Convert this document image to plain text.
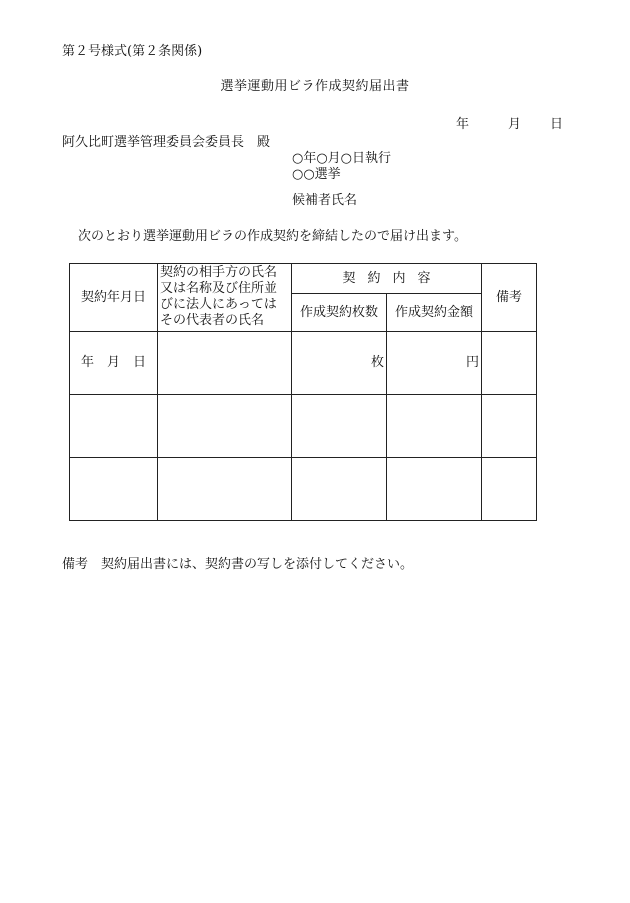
第２号様式(第２条関係)
選挙運動用ビラ作成契約届出書
年	月 日
阿久比町選挙管理委員会委員長　殿
○年○月○日執行
○○選挙
候補者氏名
次のとおり選挙運動用ビラの作成契約を締結したので届け出ます。
契約年月日	契約の相手方の氏名又は名称及び住所並びに法人にあってはその代表者の氏名	契約内容		備考
		作成契約枚数	作成契約金額	
年　月　日		枚	円	

備考　契約届出書には、契約書の写しを添付してください。
